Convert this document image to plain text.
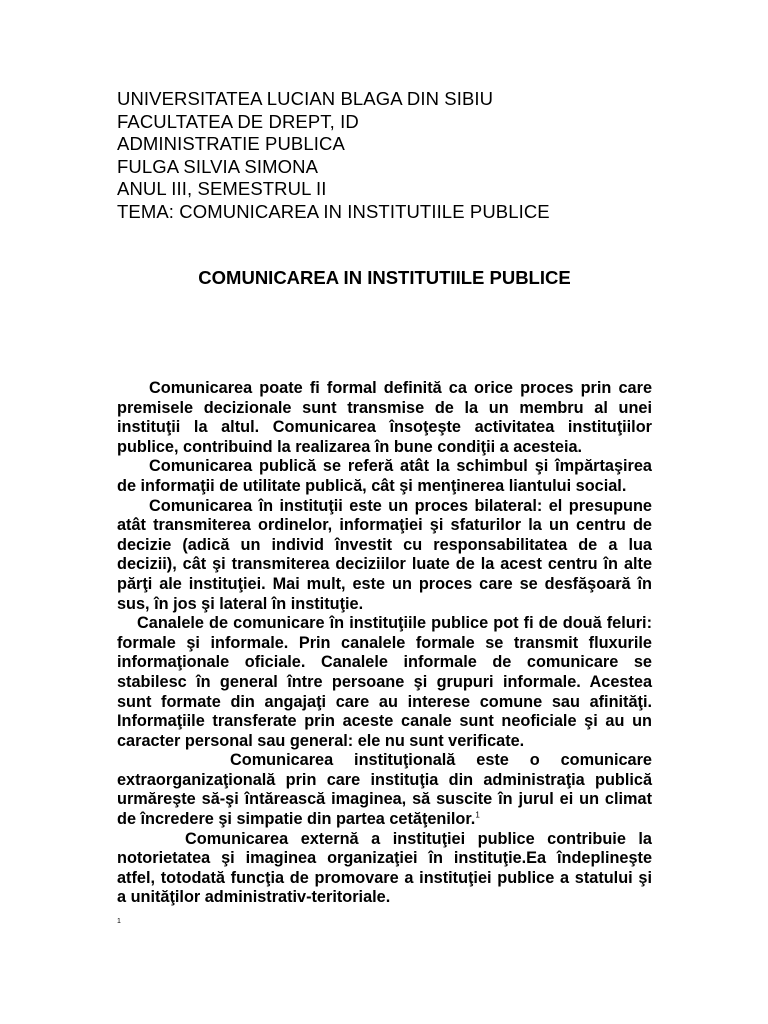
UNIVERSITATEA LUCIAN BLAGA DIN SIBIU
FACULTATEA DE DREPT, ID
ADMINISTRATIE PUBLICA
FULGA SILVIA SIMONA
ANUL III, SEMESTRUL II
TEMA: COMUNICAREA IN INSTITUTIILE PUBLICE
COMUNICAREA IN INSTITUTIILE PUBLICE

Comunicarea poate fi formal definită ca orice proces prin care premisele decizionale sunt transmise de la un membru al unei instituţii la altul. Comunicarea însoţeşte activitatea instituţiilor publice, contribuind la realizarea în bune condiţii a acesteia.

Comunicarea publică se referă atât la schimbul şi împărtaşirea de informaţii de utilitate publică, cât şi menţinerea liantului social.

Comunicarea în instituţii este un proces bilateral: el presupune atât transmiterea ordinelor, informaţiei şi sfaturilor la un centru de decizie (adică un individ învestit cu responsabilitatea de a lua decizii), cât şi transmiterea deciziilor luate de la acest centru în alte părţi ale instituţiei. Mai mult, este un proces care se desfăşoară în sus, în jos şi lateral în instituţie.

Canalele de comunicare în instituţiile publice pot fi de două feluri: formale şi informale. Prin canalele formale se transmit fluxurile informaţionale oficiale. Canalele informale de comunicare se stabilesc în general între persoane şi grupuri informale. Acestea sunt formate din angajaţi care au interese comune sau afinităţi. Informaţiile transferate prin aceste canale sunt neoficiale şi au un caracter personal sau general: ele nu sunt verificate.

Comunicarea instituţională este o comunicare extraorganizaţională prin care instituţia din administraţia publică urmăreşte să-şi întărească imaginea, să suscite în jurul ei un climat de încredere şi simpatie din partea cetăţenilor.$^1$

Comunicarea externă a instituţiei publice contribuie la notorietatea şi imaginea organizaţiei în instituţie.Ea îndeplineşte atfel, totodată funcţia de promovare a instituţiei publice a statului şi a unităţilor administrativ-teritoriale.

1
